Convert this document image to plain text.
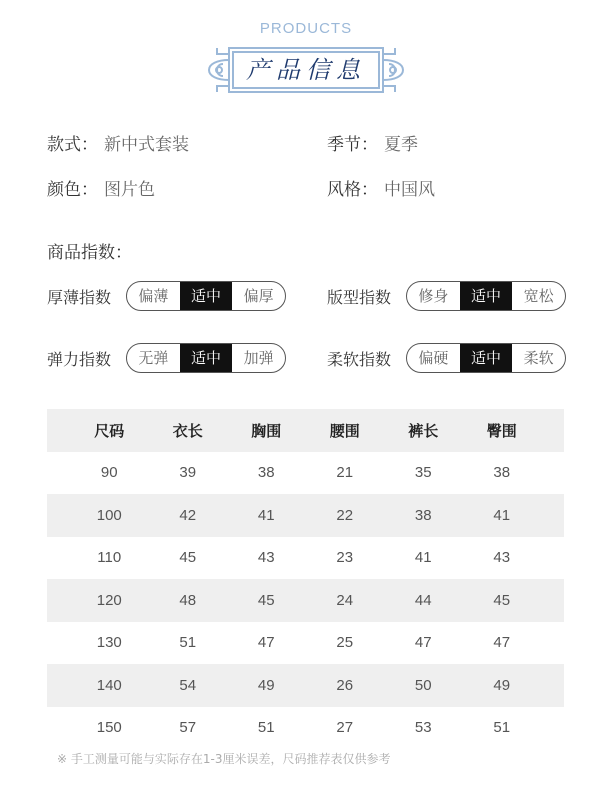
PRODUCTS
产品信息
款式： 新中式套装	季节： 夏季
颜色： 图片色	风格： 中国风
商品指数：
厚薄指数	偏薄	适中	偏厚	版型指数	修身	适中	宽松
弹力指数	无弹	适中	加弹	柔软指数	偏硬	适中	柔软
尺码	衣长	胸围	腰围	裤长	臀围
90	39	38	21	35	38
100	42	41	22	38	41
110	45	43	23	41	43
120	48	45	24	44	45
130	51	47	25	47	47
140	54	49	26	50	49
150	57	51	27	53	51
※ 手工测量可能与实际存在1-3厘米误差，尺码推荐表仅供参考
